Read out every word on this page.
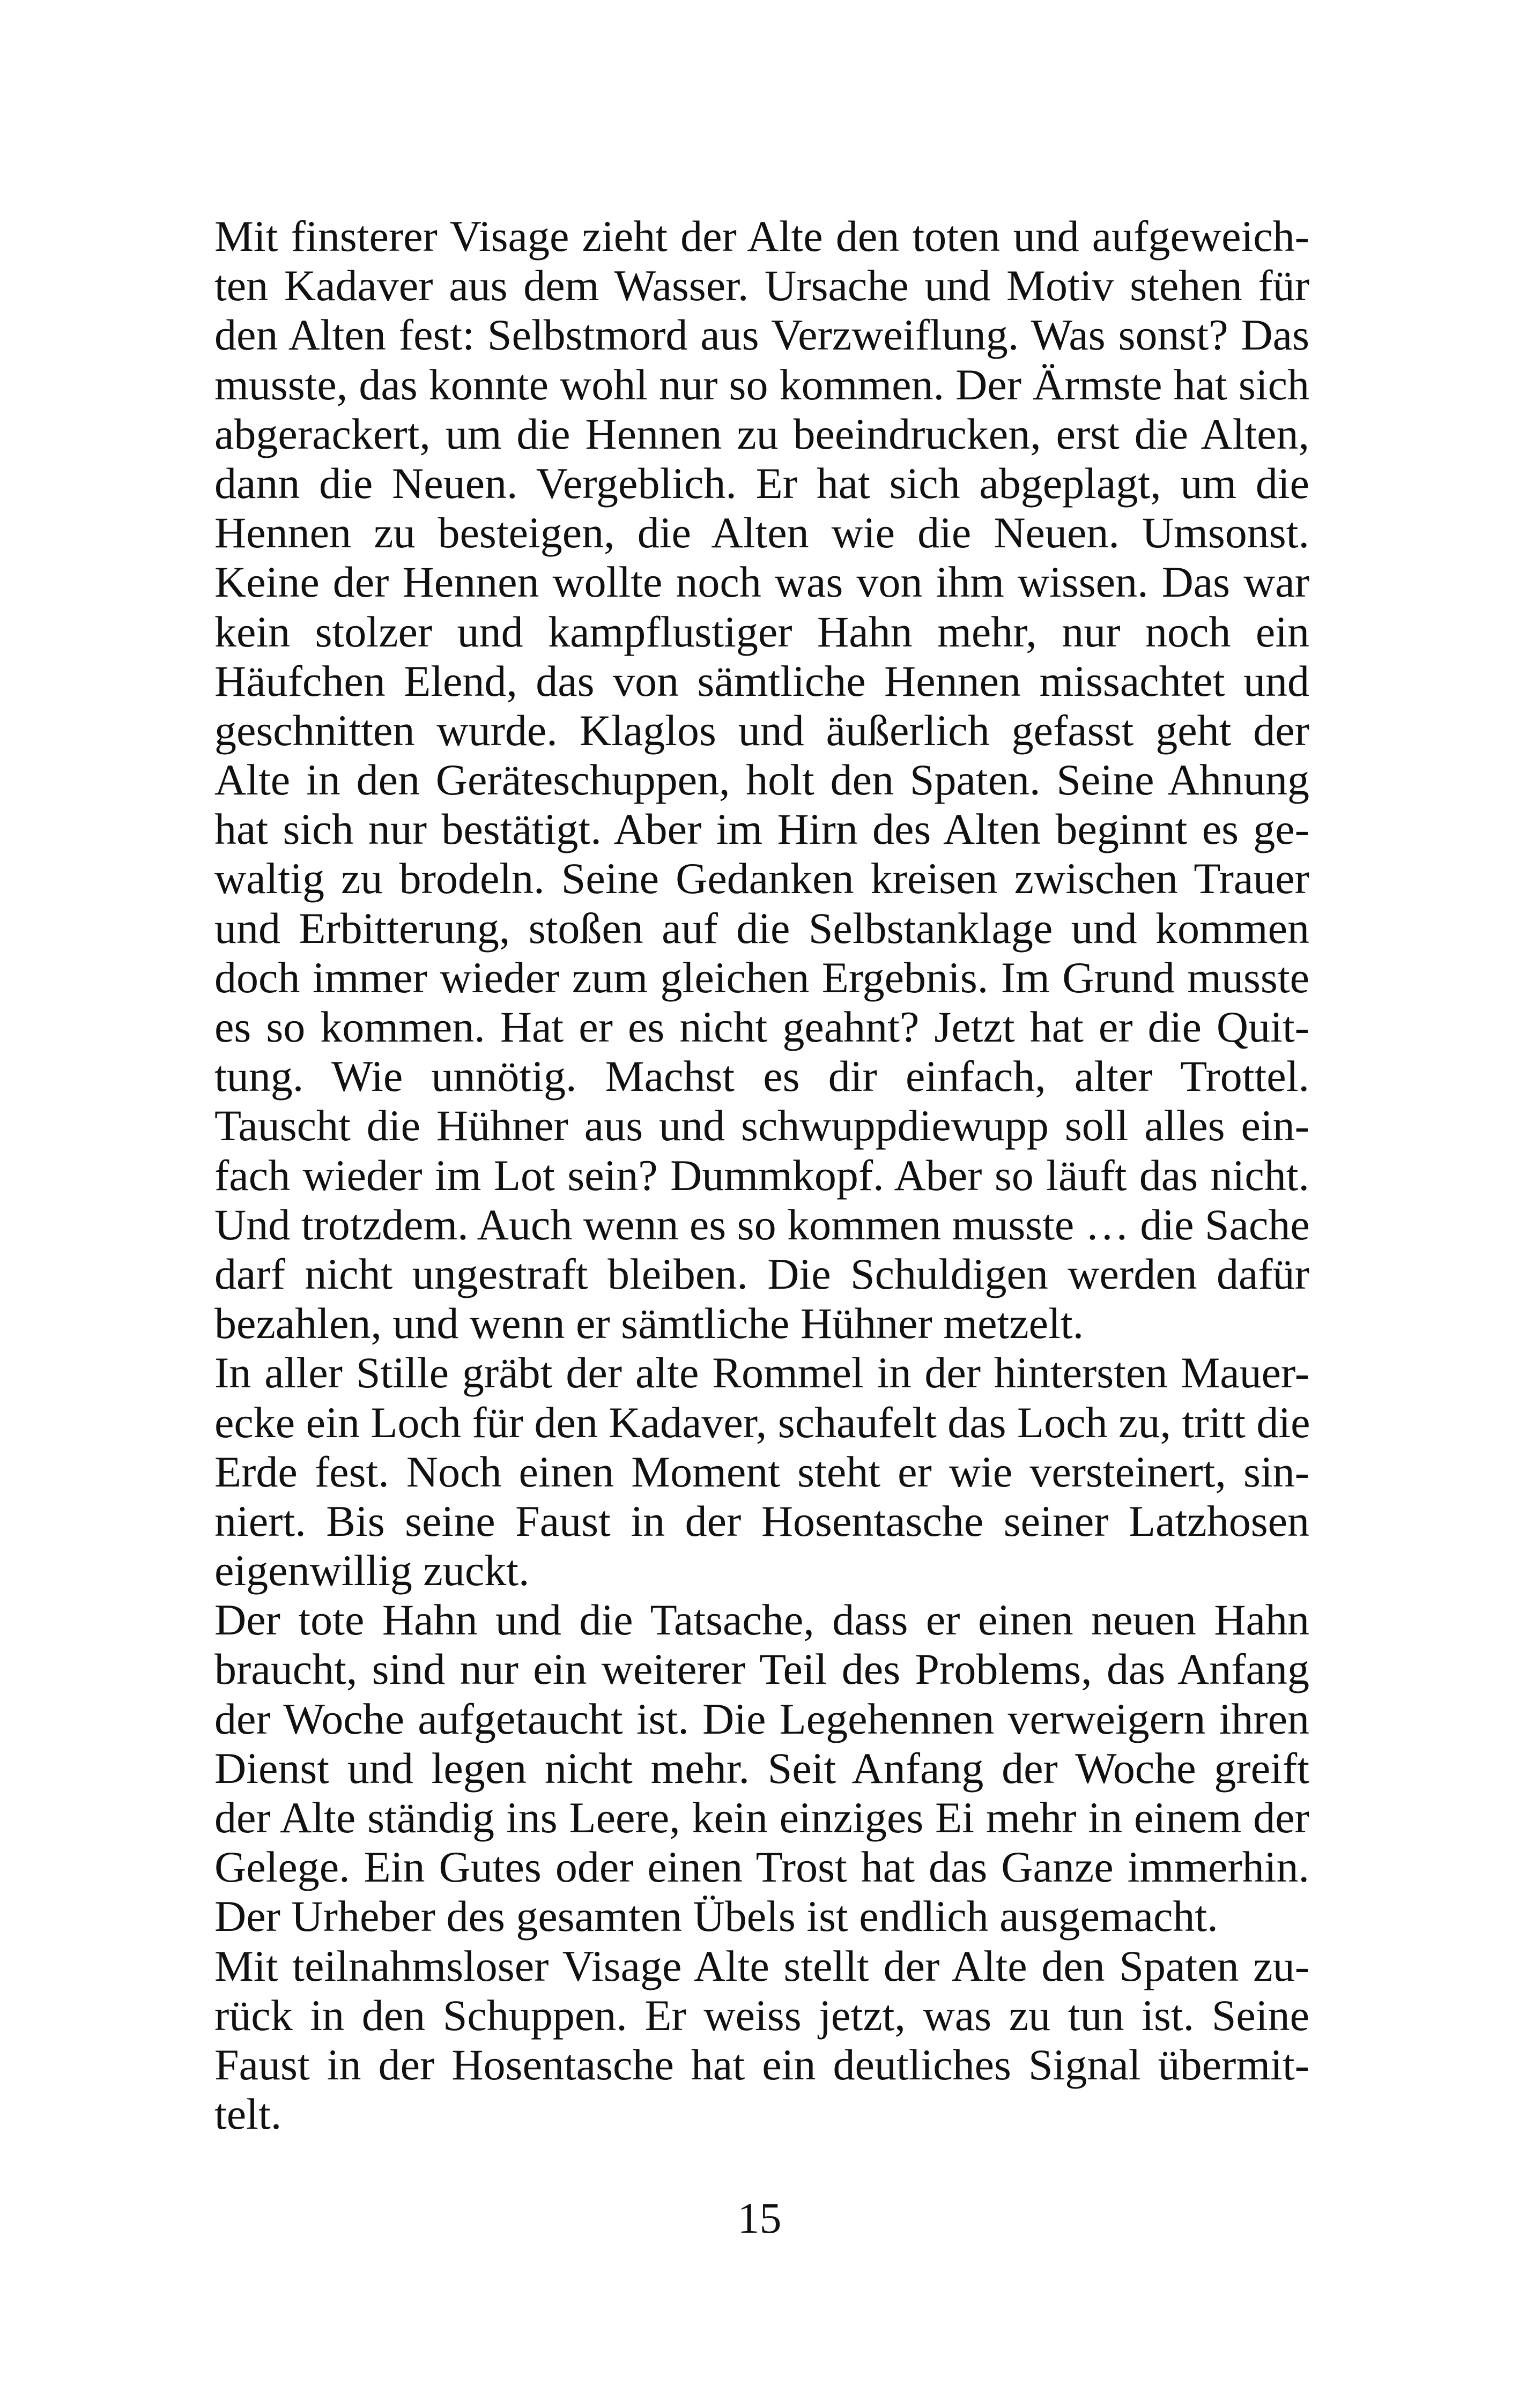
Mit finsterer Visage zieht der Alte den toten und aufgeweich-
ten Kadaver aus dem Wasser. Ursache und Motiv stehen für
den Alten fest: Selbstmord aus Verzweiflung. Was sonst? Das
musste, das konnte wohl nur so kommen. Der Ärmste hat sich
abgerackert, um die Hennen zu beeindrucken, erst die Alten,
dann die Neuen. Vergeblich. Er hat sich abgeplagt, um die
Hennen zu besteigen, die Alten wie die Neuen. Umsonst.
Keine der Hennen wollte noch was von ihm wissen. Das war
kein stolzer und kampflustiger Hahn mehr, nur noch ein
Häufchen Elend, das von sämtliche Hennen missachtet und
geschnitten wurde. Klaglos und äußerlich gefasst geht der
Alte in den Geräteschuppen, holt den Spaten. Seine Ahnung
hat sich nur bestätigt. Aber im Hirn des Alten beginnt es ge-
waltig zu brodeln. Seine Gedanken kreisen zwischen Trauer
und Erbitterung, stoßen auf die Selbstanklage und kommen
doch immer wieder zum gleichen Ergebnis. Im Grund musste
es so kommen. Hat er es nicht geahnt? Jetzt hat er die Quit-
tung. Wie unnötig. Machst es dir einfach, alter Trottel.
Tauscht die Hühner aus und schwuppdiewupp soll alles ein-
fach wieder im Lot sein? Dummkopf. Aber so läuft das nicht.
Und trotzdem. Auch wenn es so kommen musste … die Sache
darf nicht ungestraft bleiben. Die Schuldigen werden dafür
bezahlen, und wenn er sämtliche Hühner metzelt.
In aller Stille gräbt der alte Rommel in der hintersten Mauer-
ecke ein Loch für den Kadaver, schaufelt das Loch zu, tritt die
Erde fest. Noch einen Moment steht er wie versteinert, sin-
niert. Bis seine Faust in der Hosentasche seiner Latzhosen
eigenwillig zuckt.
Der tote Hahn und die Tatsache, dass er einen neuen Hahn
braucht, sind nur ein weiterer Teil des Problems, das Anfang
der Woche aufgetaucht ist. Die Legehennen verweigern ihren
Dienst und legen nicht mehr. Seit Anfang der Woche greift
der Alte ständig ins Leere, kein einziges Ei mehr in einem der
Gelege. Ein Gutes oder einen Trost hat das Ganze immerhin.
Der Urheber des gesamten Übels ist endlich ausgemacht.
Mit teilnahmsloser Visage Alte stellt der Alte den Spaten zu-
rück in den Schuppen. Er weiss jetzt, was zu tun ist. Seine
Faust in der Hosentasche hat ein deutliches Signal übermit-
telt.
15
